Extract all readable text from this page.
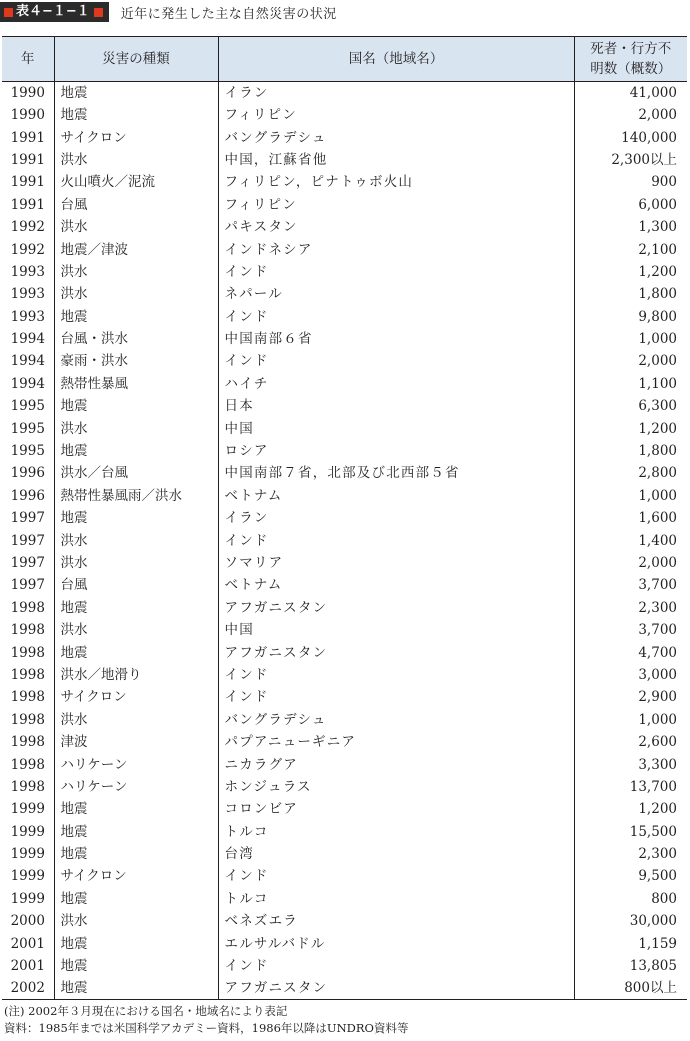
表４−１−１ 近年に発生した主な自然災害の状況
年	災害の種類	国名（地域名）	死者・行方不
明数（概数）
1990	地震	イラン	41,000
1990	地震	フィリピン	2,000
1991	サイクロン	バングラデシュ	140,000
1991	洪水	中国，江蘇省他	2,300以上
1991	火山噴火／泥流	フィリピン，ピナトゥボ火山	900
1991	台風	フィリピン	6,000
1992	洪水	パキスタン	1,300
1992	地震／津波	インドネシア	2,100
1993	洪水	インド	1,200
1993	洪水	ネパール	1,800
1993	地震	インド	9,800
1994	台風・洪水	中国南部６省	1,000
1994	豪雨・洪水	インド	2,000
1994	熱帯性暴風	ハイチ	1,100
1995	地震	日本	6,300
1995	洪水	中国	1,200
1995	地震	ロシア	1,800
1996	洪水／台風	中国南部７省，北部及び北西部５省	2,800
1996	熱帯性暴風雨／洪水	ベトナム	1,000
1997	地震	イラン	1,600
1997	洪水	インド	1,400
1997	洪水	ソマリア	2,000
1997	台風	ベトナム	3,700
1998	地震	アフガニスタン	2,300
1998	洪水	中国	3,700
1998	地震	アフガニスタン	4,700
1998	洪水／地滑り	インド	3,000
1998	サイクロン	インド	2,900
1998	洪水	バングラデシュ	1,000
1998	津波	パプアニューギニア	2,600
1998	ハリケーン	ニカラグア	3,300
1998	ハリケーン	ホンジュラス	13,700
1999	地震	コロンビア	1,200
1999	地震	トルコ	15,500
1999	地震	台湾	2,300
1999	サイクロン	インド	9,500
1999	地震	トルコ	800
2000	洪水	ベネズエラ	30,000
2001	地震	エルサルバドル	1,159
2001	地震	インド	13,805
2002	地震	アフガニスタン	800以上
(注) 2002年３月現在における国名・地域名により表記
資料：1985年までは米国科学アカデミー資料，1986年以降はUNDRO資料等
